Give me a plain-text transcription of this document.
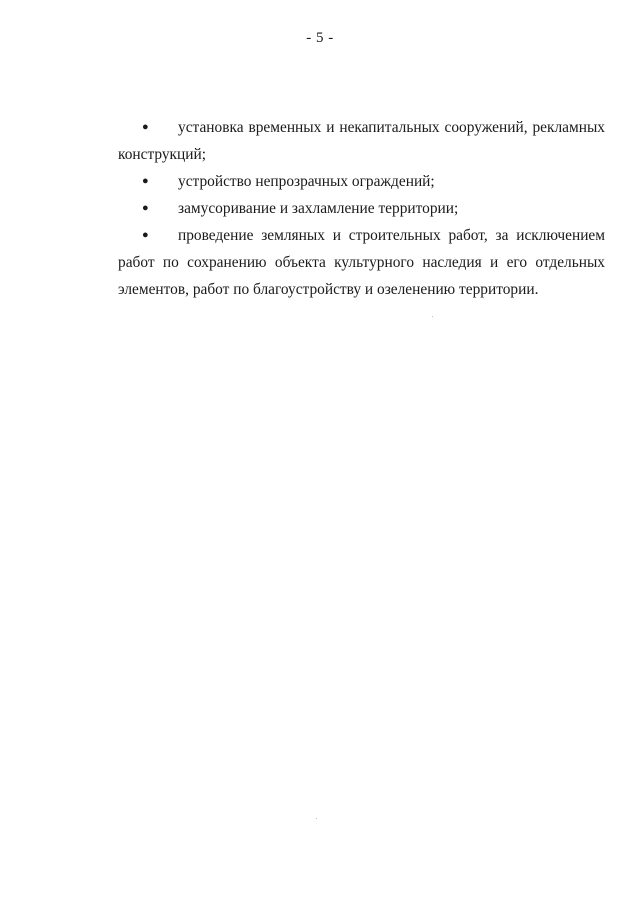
- 5 -
●	установка временных и некапитальных сооружений, рекламных конструкций;
●	устройство непрозрачных ограждений;
●	замусоривание и захламление территории;
●	проведение земляных и строительных работ, за исключением работ по сохранению объекта культурного наследия и его отдельных элементов, работ по благоустройству и озеленению территории.
